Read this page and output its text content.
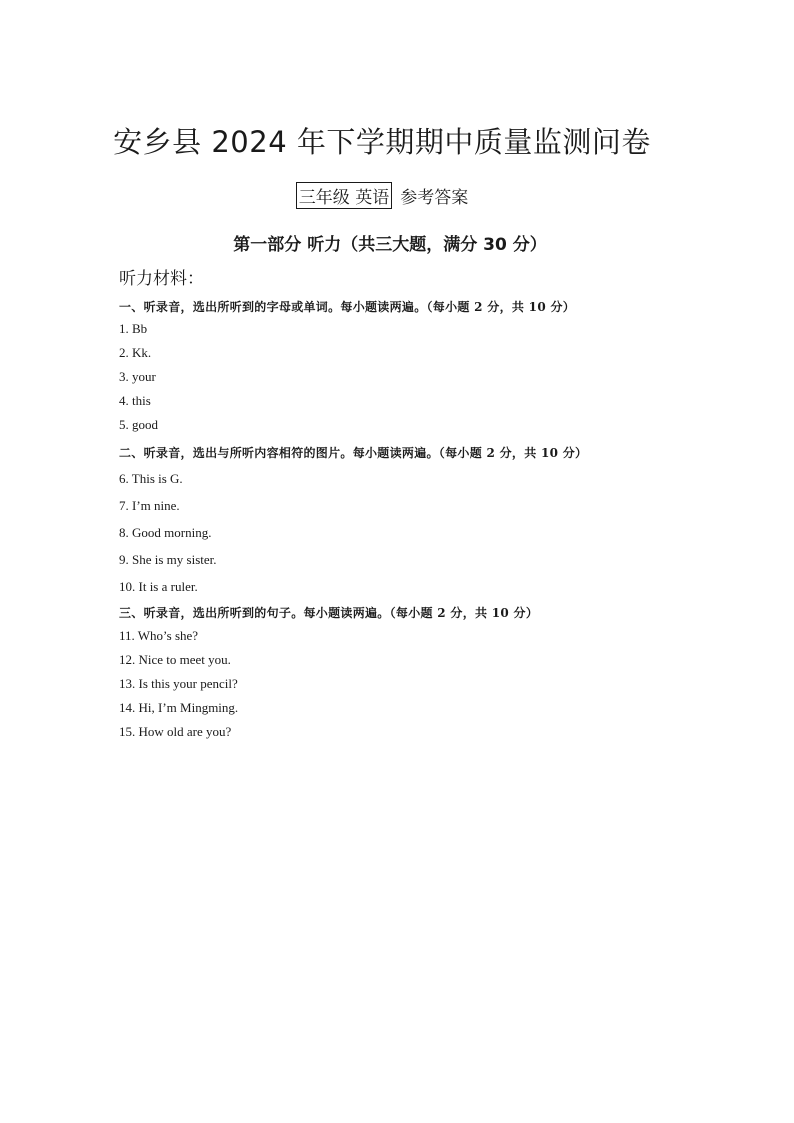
安乡县 2024 年下学期期中质量监测问卷
三年级 英语 参考答案
第一部分 听力（共三大题，满分 30 分）
听力材料：
一、听录音，选出所听到的字母或单词。每小题读两遍。（每小题 2 分，共 10 分）
1. Bb
2. Kk.
3. your
4. this
5. good
二、听录音，选出与所听内容相符的图片。每小题读两遍。（每小题 2 分，共 10 分）
6. This is G.
7. I’m nine.
8. Good morning.
9. She is my sister.
10. It is a ruler.
三、听录音，选出所听到的句子。每小题读两遍。（每小题 2 分，共 10 分）
11. Who’s she?
12. Nice to meet you.
13. Is this your pencil?
14. Hi, I’m Mingming.
15. How old are you?
